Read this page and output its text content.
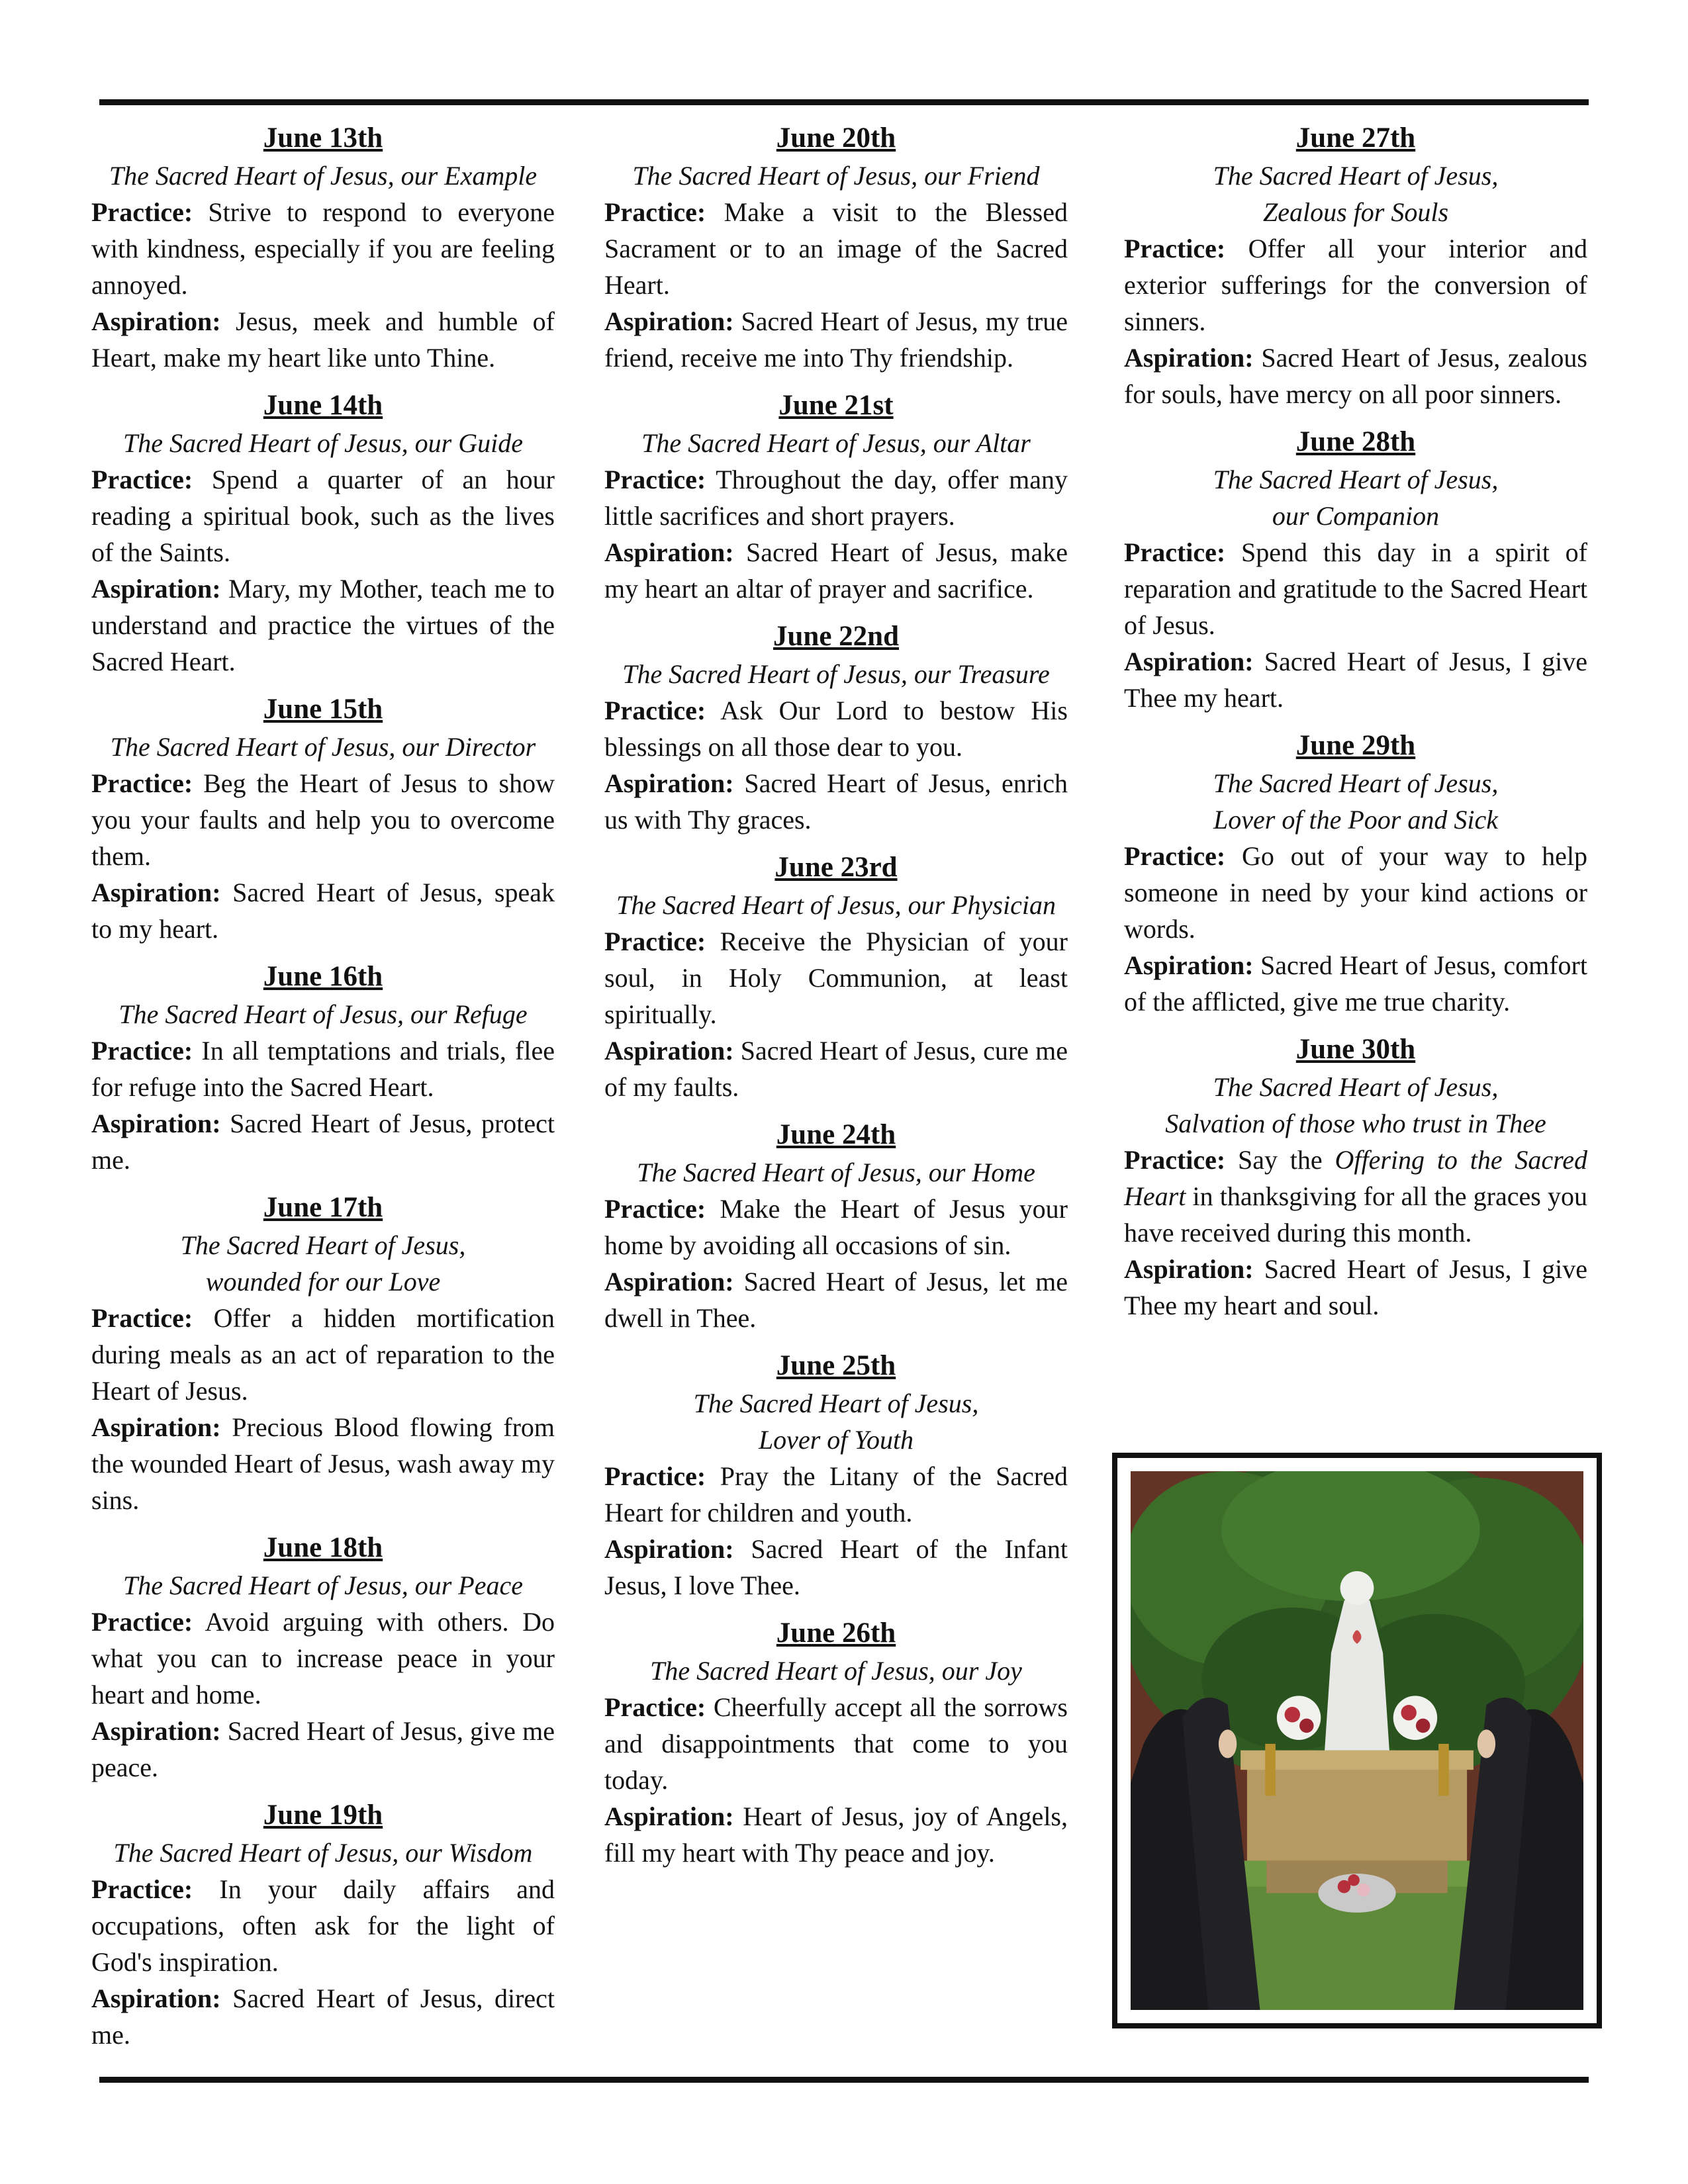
June 13th
The Sacred Heart of Jesus, our Example
Practice: Strive to respond to everyone with kindness, especially if you are feeling annoyed.
Aspiration: Jesus, meek and humble of Heart, make my heart like unto Thine.
June 14th
The Sacred Heart of Jesus, our Guide
Practice: Spend a quarter of an hour reading a spiritual book, such as the lives of the Saints.
Aspiration: Mary, my Mother, teach me to understand and practice the virtues of the Sacred Heart.
June 15th
The Sacred Heart of Jesus, our Director
Practice: Beg the Heart of Jesus to show you your faults and help you to overcome them.
Aspiration: Sacred Heart of Jesus, speak to my heart.
June 16th
The Sacred Heart of Jesus, our Refuge
Practice: In all temptations and trials, flee for refuge into the Sacred Heart.
Aspiration: Sacred Heart of Jesus, protect me.
June 17th
The Sacred Heart of Jesus,
wounded for our Love
Practice: Offer a hidden mortification during meals as an act of reparation to the Heart of Jesus.
Aspiration: Precious Blood flowing from the wounded Heart of Jesus, wash away my sins.
June 18th
The Sacred Heart of Jesus, our Peace
Practice: Avoid arguing with others. Do what you can to increase peace in your heart and home.
Aspiration: Sacred Heart of Jesus, give me peace.
June 19th
The Sacred Heart of Jesus, our Wisdom
Practice: In your daily affairs and occupations, often ask for the light of God's inspiration.
Aspiration: Sacred Heart of Jesus, direct me.
June 20th
The Sacred Heart of Jesus, our Friend
Practice: Make a visit to the Blessed Sacrament or to an image of the Sacred Heart.
Aspiration: Sacred Heart of Jesus, my true friend, receive me into Thy friendship.
June 21st
The Sacred Heart of Jesus, our Altar
Practice: Throughout the day, offer many little sacrifices and short prayers.
Aspiration: Sacred Heart of Jesus, make my heart an altar of prayer and sacrifice.
June 22nd
The Sacred Heart of Jesus, our Treasure
Practice: Ask Our Lord to bestow His blessings on all those dear to you.
Aspiration: Sacred Heart of Jesus, enrich us with Thy graces.
June 23rd
The Sacred Heart of Jesus, our Physician
Practice: Receive the Physician of your soul, in Holy Communion, at least spiritually.
Aspiration: Sacred Heart of Jesus, cure me of my faults.
June 24th
The Sacred Heart of Jesus, our Home
Practice: Make the Heart of Jesus your home by avoiding all occasions of sin.
Aspiration: Sacred Heart of Jesus, let me dwell in Thee.
June 25th
The Sacred Heart of Jesus,
Lover of Youth
Practice: Pray the Litany of the Sacred Heart for children and youth.
Aspiration: Sacred Heart of the Infant Jesus, I love Thee.
June 26th
The Sacred Heart of Jesus, our Joy
Practice: Cheerfully accept all the sorrows and disappointments that come to you today.
Aspiration: Heart of Jesus, joy of Angels, fill my heart with Thy peace and joy.
June 27th
The Sacred Heart of Jesus,
Zealous for Souls
Practice: Offer all your interior and exterior sufferings for the conversion of sinners.
Aspiration: Sacred Heart of Jesus, zealous for souls, have mercy on all poor sinners.
June 28th
The Sacred Heart of Jesus,
our Companion
Practice: Spend this day in a spirit of reparation and gratitude to the Sacred Heart of Jesus.
Aspiration: Sacred Heart of Jesus, I give Thee my heart.
June 29th
The Sacred Heart of Jesus,
Lover of the Poor and Sick
Practice: Go out of your way to help someone in need by your kind actions or words.
Aspiration: Sacred Heart of Jesus, comfort of the afflicted, give me true charity.
June 30th
The Sacred Heart of Jesus,
Salvation of those who trust in Thee
Practice: Say the Offering to the Sacred Heart in thanksgiving for all the graces you have received during this month.
Aspiration: Sacred Heart of Jesus, I give Thee my heart and soul.
